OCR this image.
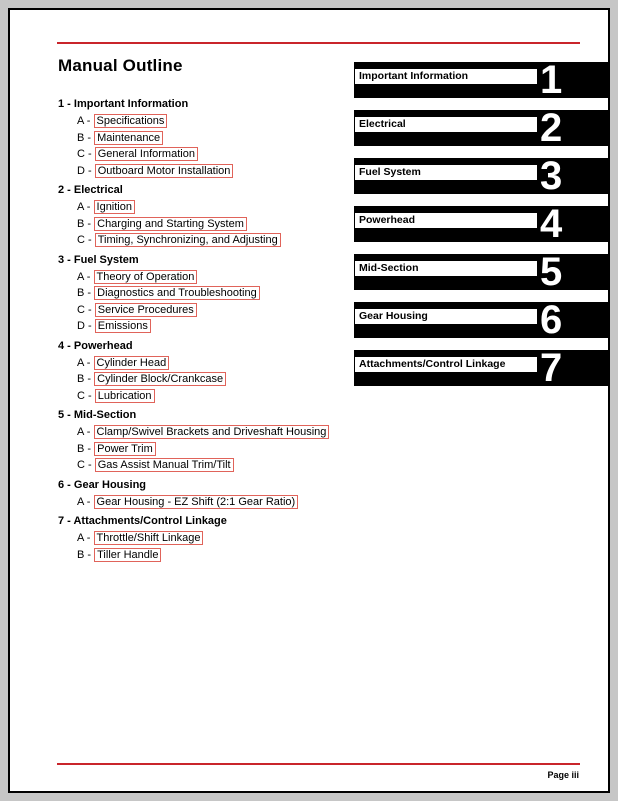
Manual Outline
1 - Important Information
A - Specifications
B - Maintenance
C - General Information
D - Outboard Motor Installation
2 - Electrical
A - Ignition
B - Charging and Starting System
C - Timing, Synchronizing, and Adjusting
3 - Fuel System
A - Theory of Operation
B - Diagnostics and Troubleshooting
C - Service Procedures
D - Emissions
4 - Powerhead
A - Cylinder Head
B - Cylinder Block/Crankcase
C - Lubrication
5 - Mid-Section
A - Clamp/Swivel Brackets and Driveshaft Housing
B - Power Trim
C - Gas Assist Manual Trim/Tilt
6 - Gear Housing
A - Gear Housing - EZ Shift (2:1 Gear Ratio)
7 - Attachments/Control Linkage
A - Throttle/Shift Linkage
B - Tiller Handle
Important Information	1
Electrical	2
Fuel System	3
Powerhead	4
Mid-Section	5
Gear Housing	6
Attachments/Control Linkage 7
Page iii
